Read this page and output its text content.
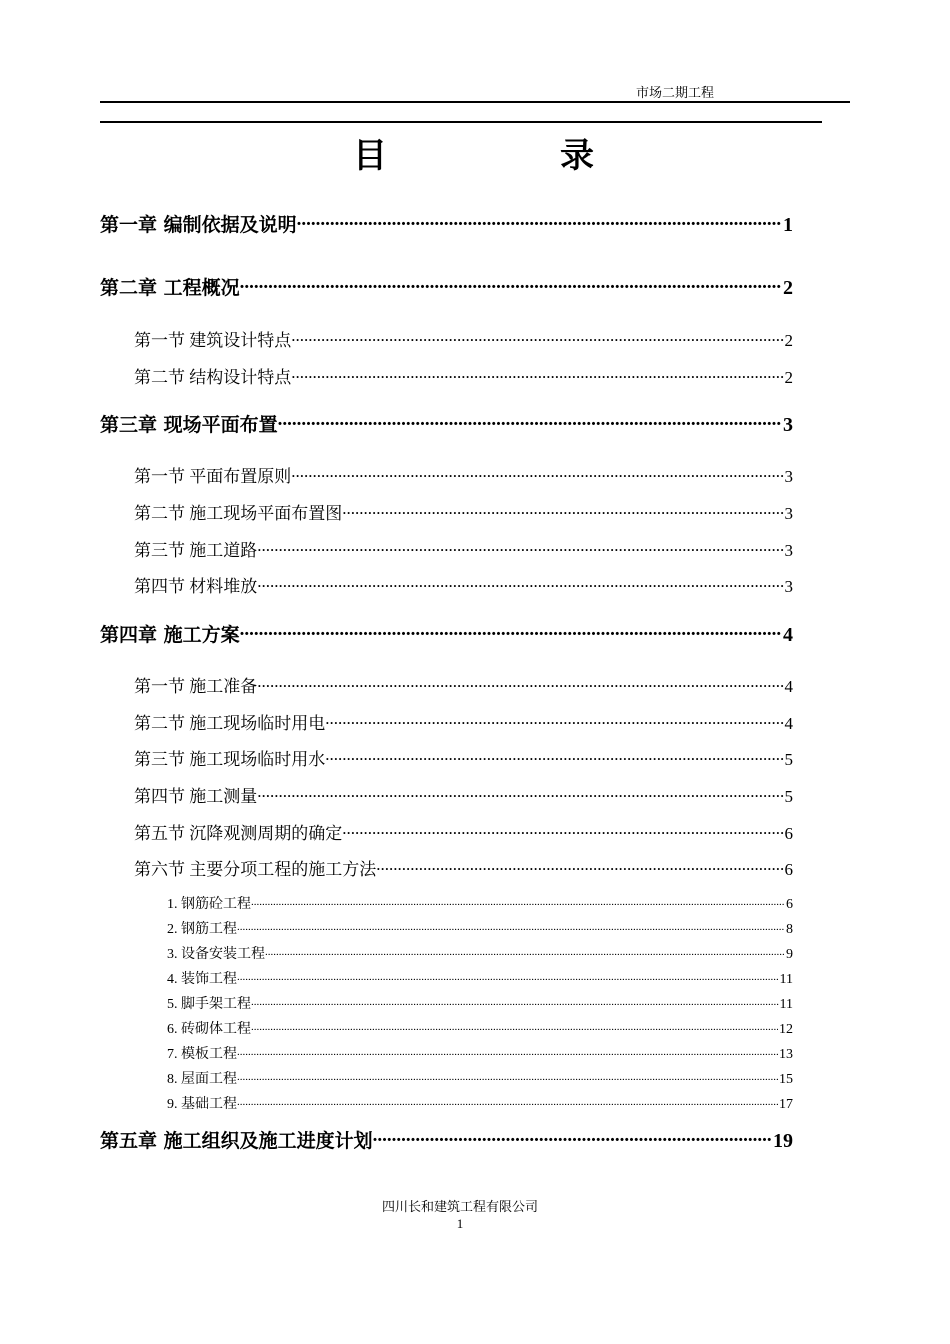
市场二期工程
目	录
第一章 编制依据及说明 .....	1
第二章 工程概况 .....	2
第一节 建筑设计特点 .....	2
第二节 结构设计特点 .....	2
第三章 现场平面布置 .....	3
第一节 平面布置原则 .....	3
第二节 施工现场平面布置图 .....	3
第三节 施工道路 .....	3
第四节 材料堆放 .....	3
第四章 施工方案 .....	4
第一节 施工准备 .....	4
第二节 施工现场临时用电 .....	4
第三节 施工现场临时用水 .....	5
第四节 施工测量 .....	5
第五节 沉降观测周期的确定 .....	6
第六节 主要分项工程的施工方法 .....	6
1. 钢筋砼工程 .....	6
2. 钢筋工程 .....	8
3. 设备安装工程 .....	9
4. 装饰工程 .....	11
5. 脚手架工程 .....	11
6. 砖砌体工程 .....	12
7. 模板工程 .....	13
8. 屋面工程 .....	15
9. 基础工程 .....	17
第五章 施工组织及施工进度计划 .....	19
四川长和建筑工程有限公司
1
